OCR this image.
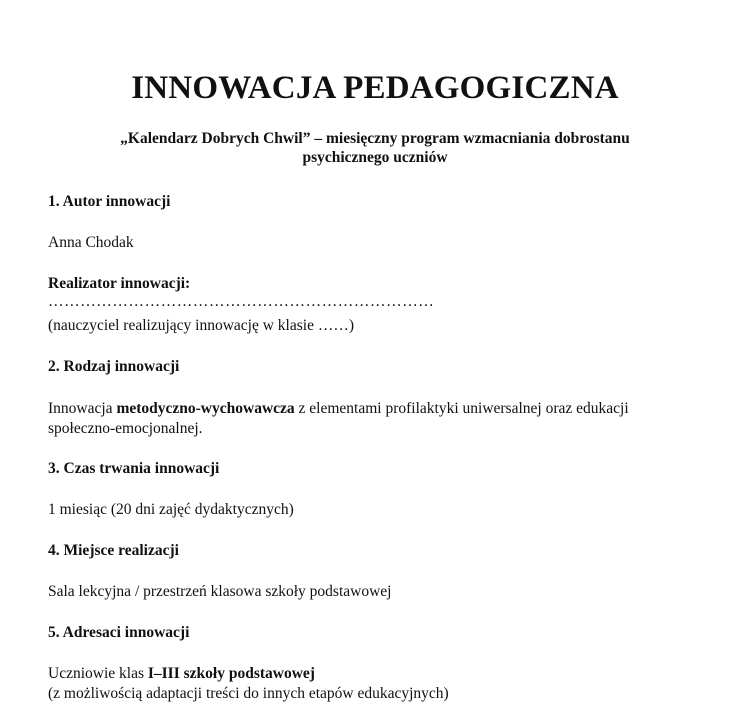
INNOWACJA PEDAGOGICZNA
„Kalendarz Dobrych Chwil” – miesięczny program wzmacniania dobrostanu
psychicznego uczniów

1. Autor innowacji

Anna Chodak

Realizator innowacji:

………………………………………………………………

(nauczyciel realizujący innowację w klasie ……)

2. Rodzaj innowacji

Innowacja metodyczno-wychowawcza z elementami profilaktyki uniwersalnej oraz edukacji

społeczno-emocjonalnej.

3. Czas trwania innowacji

1 miesiąc (20 dni zajęć dydaktycznych)

4. Miejsce realizacji

Sala lekcyjna / przestrzeń klasowa szkoły podstawowej

5. Adresaci innowacji

Uczniowie klas I–III szkoły podstawowej

(z możliwością adaptacji treści do innych etapów edukacyjnych)
